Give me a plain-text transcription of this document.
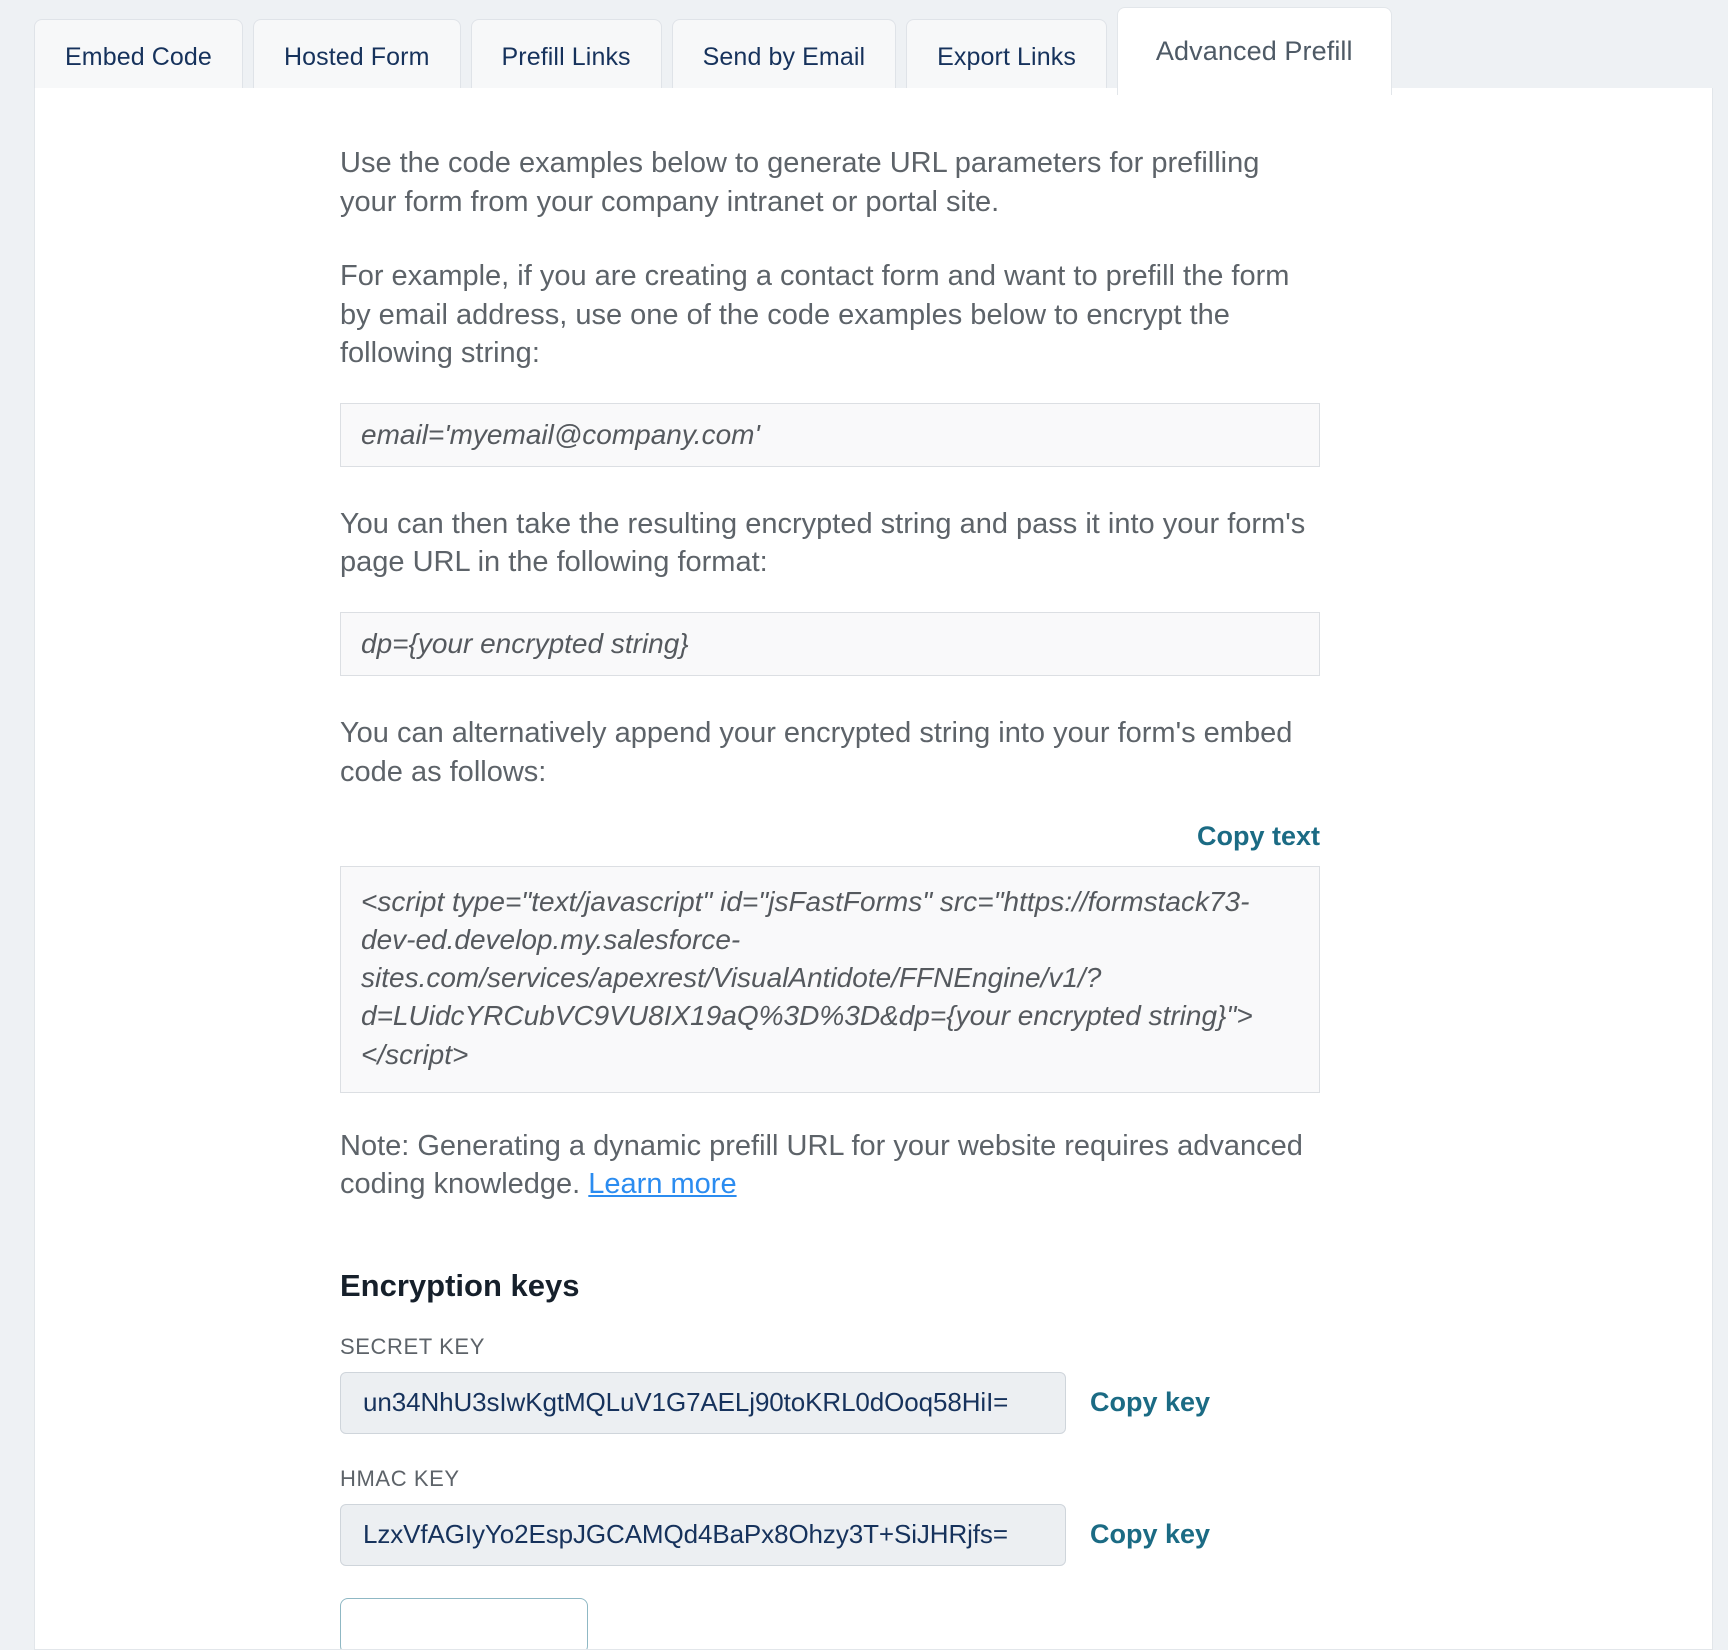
Embed Code	Hosted Form	Prefill Links	Send by Email	Export Links	Advanced Prefill

Use the code examples below to generate URL parameters for prefilling your form from your company intranet or portal site.

For example, if you are creating a contact form and want to prefill the form by email address, use one of the code examples below to encrypt the following string:

email='myemail@company.com'

You can then take the resulting encrypted string and pass it into your form's page URL in the following format:

dp={your encrypted string}

You can alternatively append your encrypted string into your form's embed code as follows:

Copy text
<script type="text/javascript" id="jsFastForms" src="https://formstack73-dev-ed.develop.my.salesforce-sites.com/services/apexrest/VisualAntidote/FFNEngine/v1/?d=LUidcYRCubVC9VU8IX19aQ%3D%3D&dp={your encrypted string}"></script>

Note: Generating a dynamic prefill URL for your website requires advanced coding knowledge. Learn more

Encryption keys
SECRET KEY
un34NhU3sIwKgtMQLuV1G7AELj90toKRL0dOoq58HiI=	Copy key
HMAC KEY
LzxVfAGIyYo2EspJGCAMQd4BaPx8Ohzy3T+SiJHRjfs=	Copy key
